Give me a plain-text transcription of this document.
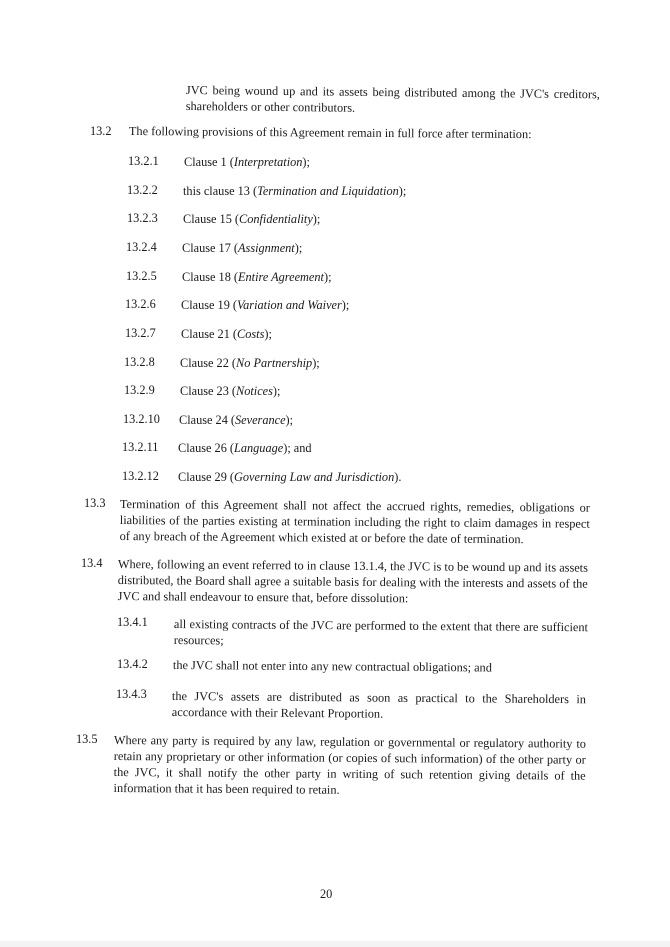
JVC being wound up and its assets being distributed among the JVC's creditors, shareholders or other contributors.
13.2 The following provisions of this Agreement remain in full force after termination:
13.2.1 Clause 1 (Interpretation);
13.2.2 this clause 13 (Termination and Liquidation);
13.2.3 Clause 15 (Confidentiality);
13.2.4 Clause 17 (Assignment);
13.2.5 Clause 18 (Entire Agreement);
13.2.6 Clause 19 (Variation and Waiver);
13.2.7 Clause 21 (Costs);
13.2.8 Clause 22 (No Partnership);
13.2.9 Clause 23 (Notices);
13.2.10 Clause 24 (Severance);
13.2.11 Clause 26 (Language); and
13.2.12 Clause 29 (Governing Law and Jurisdiction).
13.3 Termination of this Agreement shall not affect the accrued rights, remedies, obligations or liabilities of the parties existing at termination including the right to claim damages in respect of any breach of the Agreement which existed at or before the date of termination.
13.4 Where, following an event referred to in clause 13.1.4, the JVC is to be wound up and its assets distributed, the Board shall agree a suitable basis for dealing with the interests and assets of the JVC and shall endeavour to ensure that, before dissolution:
13.4.1 all existing contracts of the JVC are performed to the extent that there are sufficient resources;
13.4.2 the JVC shall not enter into any new contractual obligations; and
13.4.3 the JVC's assets are distributed as soon as practical to the Shareholders in accordance with their Relevant Proportion.
13.5 Where any party is required by any law, regulation or governmental or regulatory authority to retain any proprietary or other information (or copies of such information) of the other party or the JVC, it shall notify the other party in writing of such retention giving details of the information that it has been required to retain.
20
